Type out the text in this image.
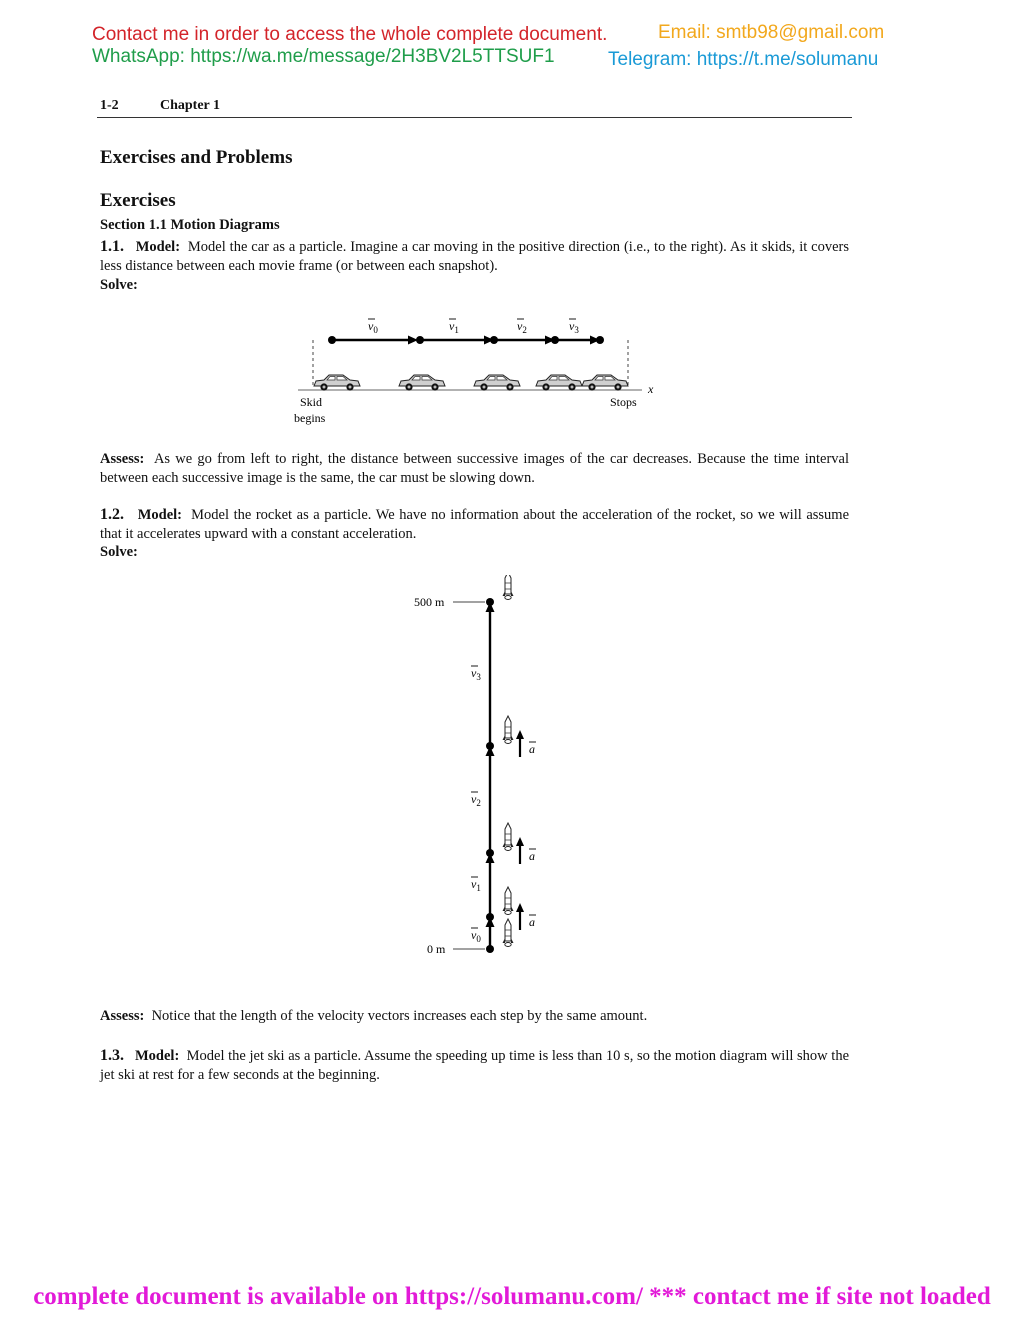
Contact me in order to access the whole complete document.	Email: smtb98@gmail.com
WhatsApp: https://wa.me/message/2H3BV2L5TTSUF1	Telegram: https://t.me/solumanu
1-2	Chapter 1
Exercises and Problems
Exercises
Section 1.1 Motion Diagrams
1.1. Model: Model the car as a particle. Imagine a car moving in the positive direction (i.e., to the right). As it skids, it covers less distance between each movie frame (or between each snapshot).
Solve:
$v_0$	$v_1$	$v_2$	$v_3$
x
Skid
begins
Stops
Assess: As we go from left to right, the distance between successive images of the car decreases. Because the time interval between each successive image is the same, the car must be slowing down.
1.2. Model: Model the rocket as a particle. We have no information about the acceleration of the rocket, so we will assume that it accelerates upward with a constant acceleration.
Solve:
500 m
0 m
$v_3$
$v_2$
$v_1$
$v_0$
a
a
a
Assess: Notice that the length of the velocity vectors increases each step by the same amount.
1.3. Model: Model the jet ski as a particle. Assume the speeding up time is less than 10 s, so the motion diagram will show the jet ski at rest for a few seconds at the beginning.
complete document is available on https://solumanu.com/ *** contact me if site not loaded
